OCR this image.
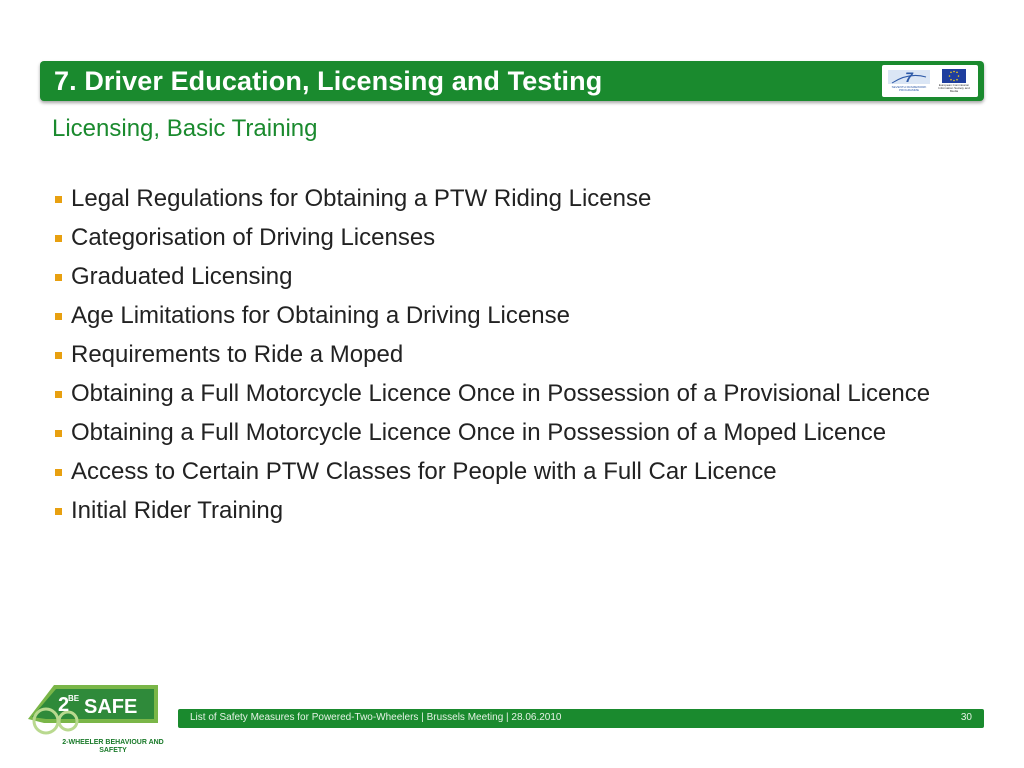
7. Driver Education, Licensing and Testing	7
SEVENTH FRAMEWORK PROGRAMME
European Commission Information Society and Media
Licensing, Basic Training
Legal Regulations for Obtaining a PTW Riding License
Categorisation of Driving Licenses
Graduated Licensing
Age Limitations for Obtaining a Driving License
Requirements to Ride a Moped
Obtaining a Full Motorcycle Licence Once in Possession of a Provisional Licence
Obtaining a Full Motorcycle Licence Once in Possession of a Moped Licence
Access to Certain PTW Classes for People with a Full Car Licence
Initial Rider Training
2
BE SAFE
2-WHEELER BEHAVIOUR AND SAFETY
List of Safety Measures for Powered-Two-Wheelers | Brussels Meeting | 28.06.2010	30
